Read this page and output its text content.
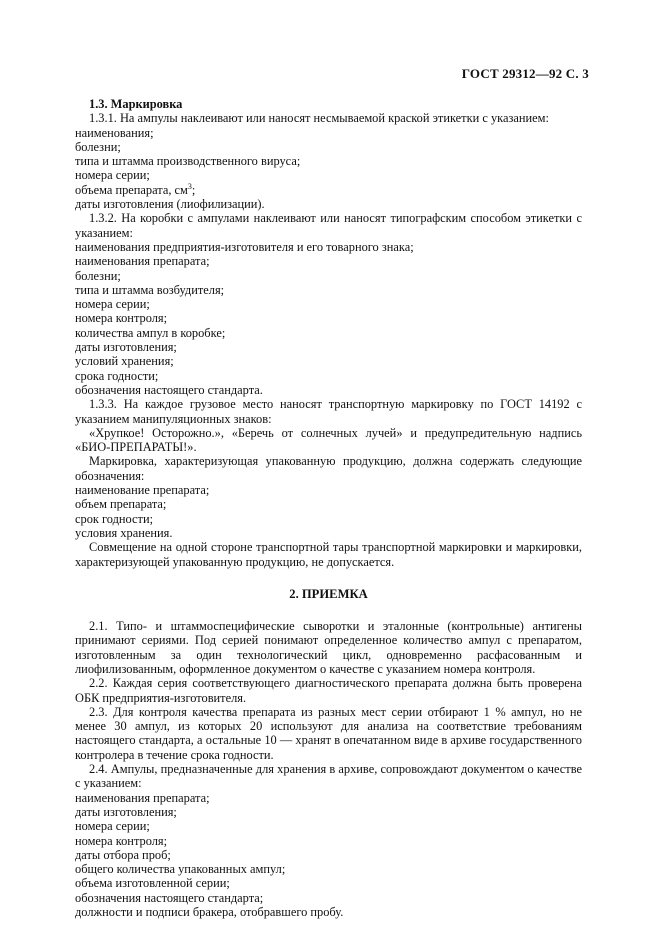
ГОСТ 29312—92 С. 3
1.3. Маркировка

1.3.1. На ампулы наклеивают или наносят несмываемой краской этикетки с указанием:

наименования;
болезни;
типа и штамма производственного вируса;
номера серии;
объема препарата, $см^3$;
даты изготовления (лиофилизации).

1.3.2. На коробки с ампулами наклеивают или наносят типографским способом этикетки с указанием:

наименования предприятия-изготовителя и его товарного знака;
наименования препарата;
болезни;
типа и штамма возбудителя;
номера серии;
номера контроля;
количества ампул в коробке;
даты изготовления;
условий хранения;
срока годности;
обозначения настоящего стандарта.

1.3.3. На каждое грузовое место наносят транспортную маркировку по ГОСТ 14192 с указанием манипуляционных знаков:

«Хрупкое! Осторожно.», «Беречь от солнечных лучей» и предупредительную надпись «БИО-ПРЕПАРАТЫ!».

Маркировка, характеризующая упакованную продукцию, должна содержать следующие обозначения:

наименование препарата;
объем препарата;
срок годности;
условия хранения.

Совмещение на одной стороне транспортной тары транспортной маркировки и маркировки, характеризующей упакованную продукцию, не допускается.

2. ПРИЕМКА

2.1. Типо- и штаммоспецифические сыворотки и эталонные (контрольные) антигены принимают сериями. Под серией понимают определенное количество ампул с препаратом, изготовленным за один технологический цикл, одновременно расфасованным и лиофилизованным, оформленное документом о качестве с указанием номера контроля.

2.2. Каждая серия соответствующего диагностического препарата должна быть проверена ОБК предприятия-изготовителя.

2.3. Для контроля качества препарата из разных мест серии отбирают 1 % ампул, но не менее 30 ампул, из которых 20 используют для анализа на соответствие требованиям настоящего стандарта, а остальные 10 — хранят в опечатанном виде в архиве государственного контролера в течение срока годности.

2.4. Ампулы, предназначенные для хранения в архиве, сопровождают документом о качестве с указанием:

наименования препарата;
даты изготовления;
номера серии;
номера контроля;
даты отбора проб;
общего количества упакованных ампул;
объема изготовленной серии;
обозначения настоящего стандарта;
должности и подписи бракера, отобравшего пробу.
